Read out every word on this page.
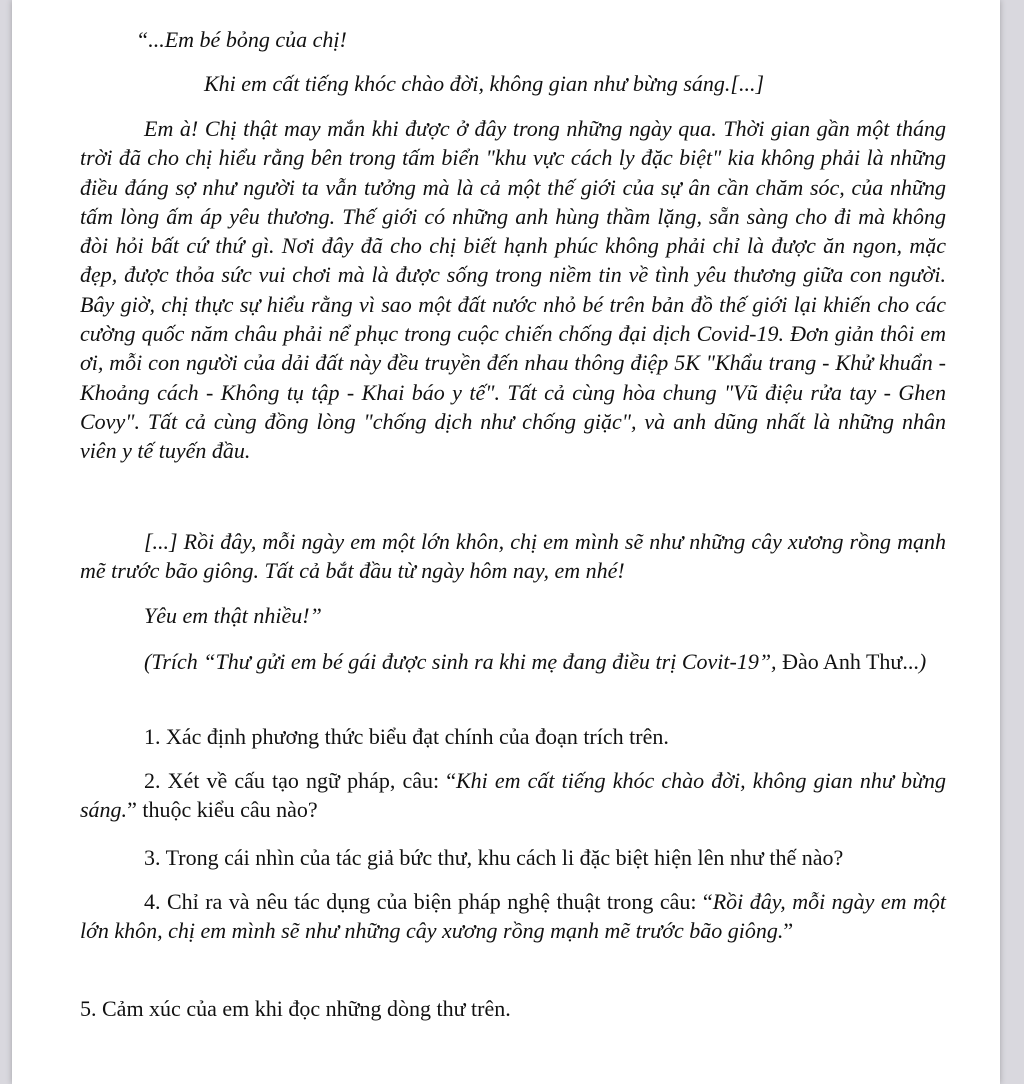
“...Em bé bỏng của chị!

Khi em cất tiếng khóc chào đời, không gian như bừng sáng.[...]

Em à! Chị thật may mắn khi được ở đây trong những ngày qua. Thời gian gần một tháng trời đã cho chị hiểu rằng bên trong tấm biển "khu vực cách ly đặc biệt" kia không phải là những điều đáng sợ như người ta vẫn tưởng mà là cả một thế giới của sự ân cần chăm sóc, của những tấm lòng ấm áp yêu thương. Thế giới có những anh hùng thầm lặng, sẵn sàng cho đi mà không đòi hỏi bất cứ thứ gì. Nơi đây đã cho chị biết hạnh phúc không phải chỉ là được ăn ngon, mặc đẹp, được thỏa sức vui chơi mà là được sống trong niềm tin về tình yêu thương giữa con người. Bây giờ, chị thực sự hiểu rằng vì sao một đất nước nhỏ bé trên bản đồ thế giới lại khiến cho các cường quốc năm châu phải nể phục trong cuộc chiến chống đại dịch Covid-19. Đơn giản thôi em ơi, mỗi con người của dải đất này đều truyền đến nhau thông điệp 5K "Khẩu trang - Khử khuẩn - Khoảng cách - Không tụ tập - Khai báo y tế". Tất cả cùng hòa chung "Vũ điệu rửa tay - Ghen Covy". Tất cả cùng đồng lòng "chống dịch như chống giặc", và anh dũng nhất là những nhân viên y tế tuyến đầu.

[...] Rồi đây, mỗi ngày em một lớn khôn, chị em mình sẽ như những cây xương rồng mạnh mẽ trước bão giông. Tất cả bắt đầu từ ngày hôm nay, em nhé!

Yêu em thật nhiều!”

(Trích “Thư gửi em bé gái được sinh ra khi mẹ đang điều trị Covit-19”, Đào Anh Thư...)

1. Xác định phương thức biểu đạt chính của đoạn trích trên.

2. Xét về cấu tạo ngữ pháp, câu: “Khi em cất tiếng khóc chào đời, không gian như bừng sáng.” thuộc kiểu câu nào?

3. Trong cái nhìn của tác giả bức thư, khu cách li đặc biệt hiện lên như thế nào?

4. Chỉ ra và nêu tác dụng của biện pháp nghệ thuật trong câu: “Rồi đây, mỗi ngày em một lớn khôn, chị em mình sẽ như những cây xương rồng mạnh mẽ trước bão giông.”

5. Cảm xúc của em khi đọc những dòng thư trên.
